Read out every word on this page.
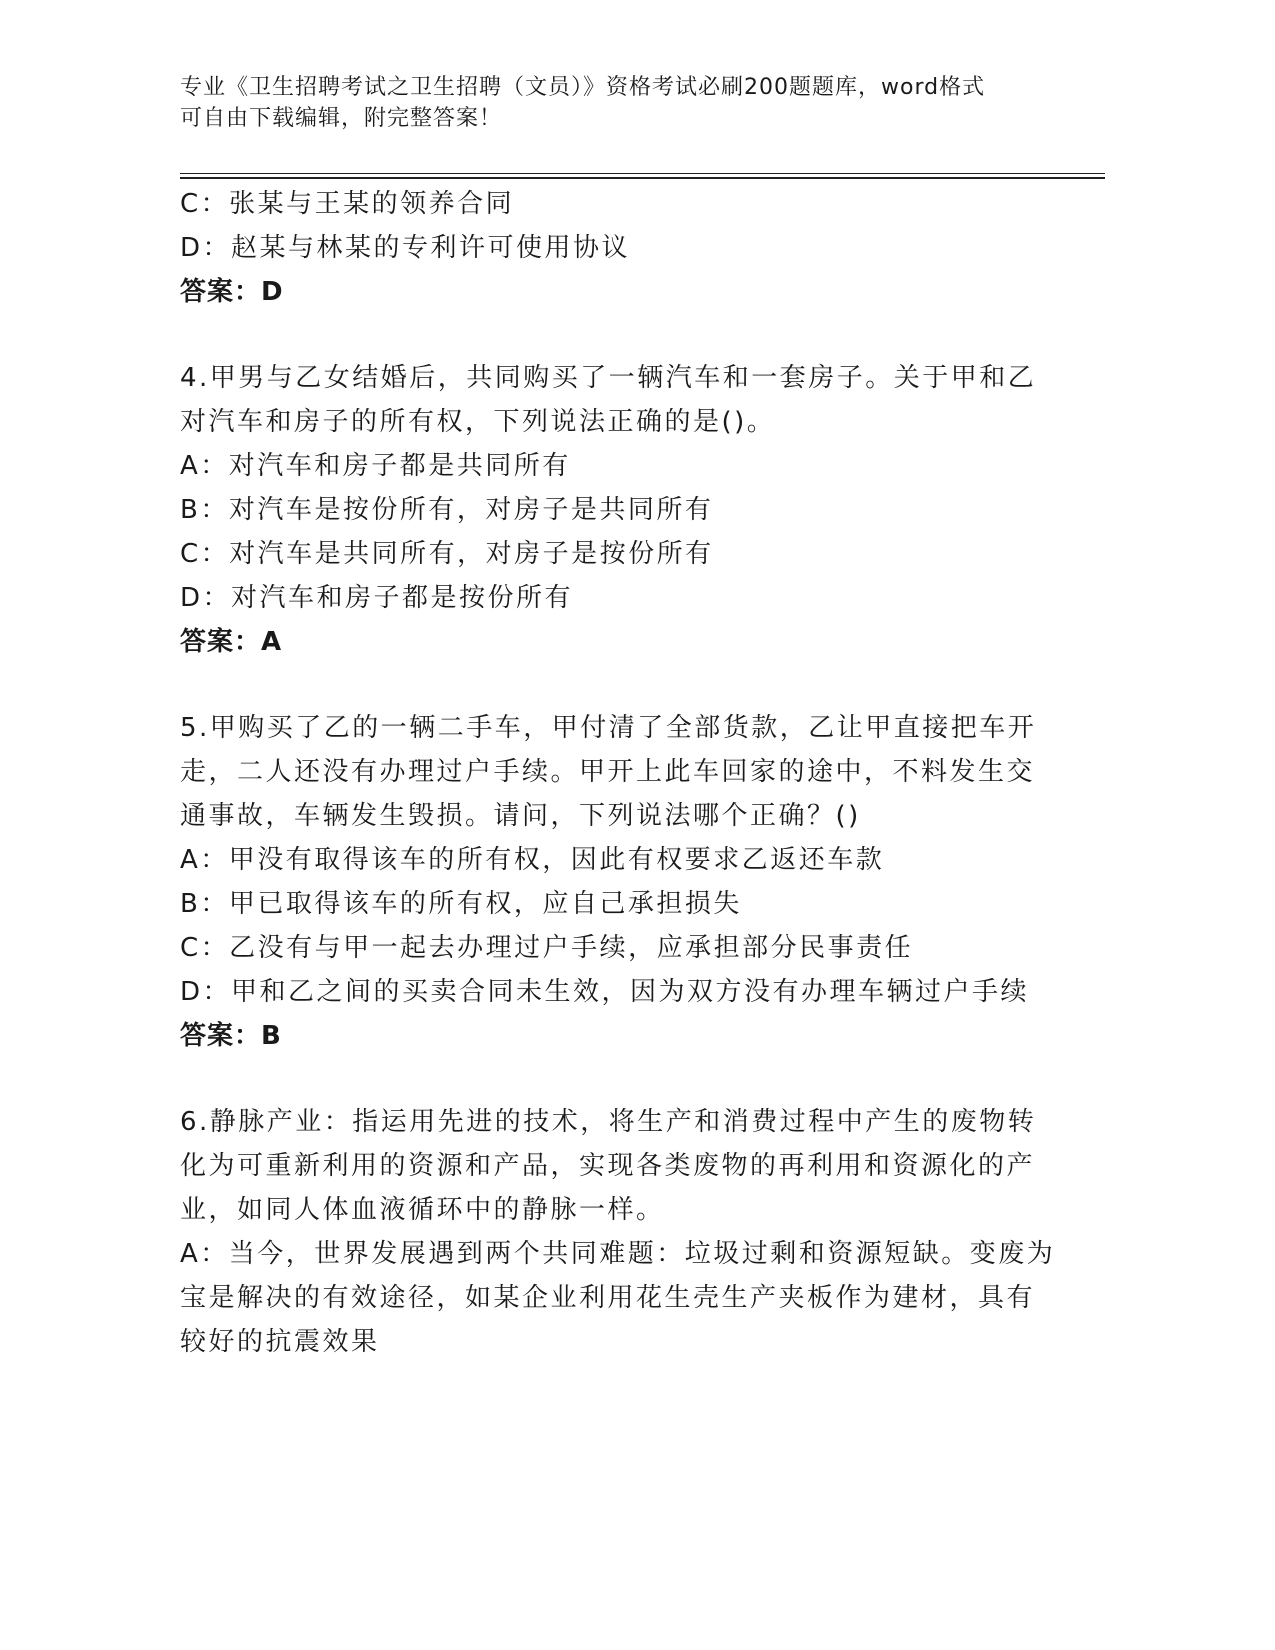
专业《卫生招聘考试之卫生招聘（文员）》资格考试必刷200题题库，word格式
可自由下载编辑，附完整答案！
C：张某与王某的领养合同
D：赵某与林某的专利许可使用协议
答案：D
4.甲男与乙女结婚后，共同购买了一辆汽车和一套房子。关于甲和乙
对汽车和房子的所有权，下列说法正确的是()。
A：对汽车和房子都是共同所有
B：对汽车是按份所有，对房子是共同所有
C：对汽车是共同所有，对房子是按份所有
D：对汽车和房子都是按份所有
答案：A
5.甲购买了乙的一辆二手车，甲付清了全部货款，乙让甲直接把车开
走，二人还没有办理过户手续。甲开上此车回家的途中，不料发生交
通事故，车辆发生毁损。请问，下列说法哪个正确？()
A：甲没有取得该车的所有权，因此有权要求乙返还车款
B：甲已取得该车的所有权，应自己承担损失
C：乙没有与甲一起去办理过户手续，应承担部分民事责任
D：甲和乙之间的买卖合同未生效，因为双方没有办理车辆过户手续
答案：B
6.静脉产业：指运用先进的技术，将生产和消费过程中产生的废物转
化为可重新利用的资源和产品，实现各类废物的再利用和资源化的产
业，如同人体血液循环中的静脉一样。
A：当今，世界发展遇到两个共同难题：垃圾过剩和资源短缺。变废为
宝是解决的有效途径，如某企业利用花生壳生产夹板作为建材，具有
较好的抗震效果
